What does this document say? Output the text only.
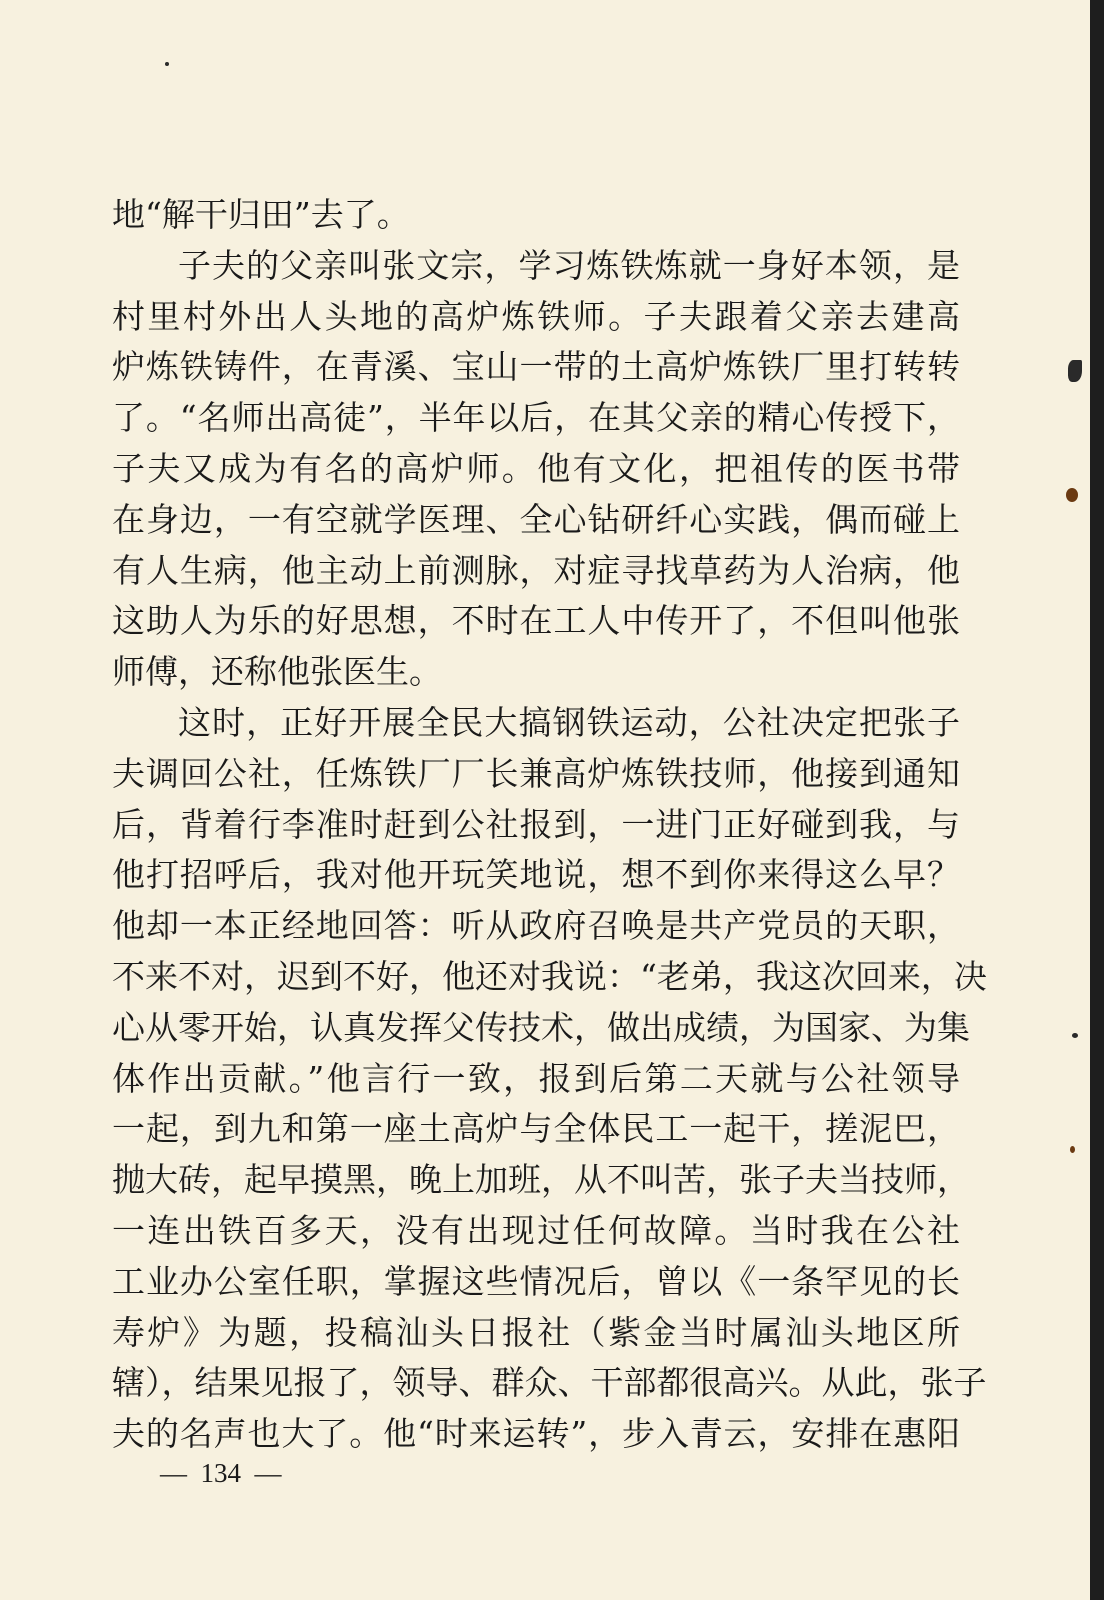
地“解干归田”去了。
子夫的父亲叫张文宗，学习炼铁炼就一身好本领，是
村里村外出人头地的高炉炼铁师。子夫跟着父亲去建高
炉炼铁铸件，在青溪、宝山一带的土高炉炼铁厂里打转转
了。“名师出高徒”，半年以后，在其父亲的精心传授下，
子夫又成为有名的高炉师。他有文化，把祖传的医书带
在身边，一有空就学医理、全心钻研纤心实践，偶而碰上
有人生病，他主动上前测脉，对症寻找草药为人治病，他
这助人为乐的好思想，不时在工人中传开了，不但叫他张
师傅，还称他张医生。
这时，正好开展全民大搞钢铁运动，公社决定把张子
夫调回公社，任炼铁厂厂长兼高炉炼铁技师，他接到通知
后，背着行李准时赶到公社报到，一进门正好碰到我，与
他打招呼后，我对他开玩笑地说，想不到你来得这么早？
他却一本正经地回答：听从政府召唤是共产党员的天职，
不来不对，迟到不好，他还对我说：“老弟，我这次回来，决
心从零开始，认真发挥父传技术，做出成绩，为国家、为集
体作出贡献。”他言行一致，报到后第二天就与公社领导
一起，到九和第一座土高炉与全体民工一起干，搓泥巴，
抛大砖，起早摸黑，晚上加班，从不叫苦，张子夫当技师，
一连出铁百多天，没有出现过任何故障。当时我在公社
工业办公室任职，掌握这些情况后，曾以《一条罕见的长
寿炉》为题，投稿汕头日报社（紫金当时属汕头地区所
辖），结果见报了，领导、群众、干部都很高兴。从此，张子
夫的名声也大了。他“时来运转”，步入青云，安排在惠阳
—  134  —
